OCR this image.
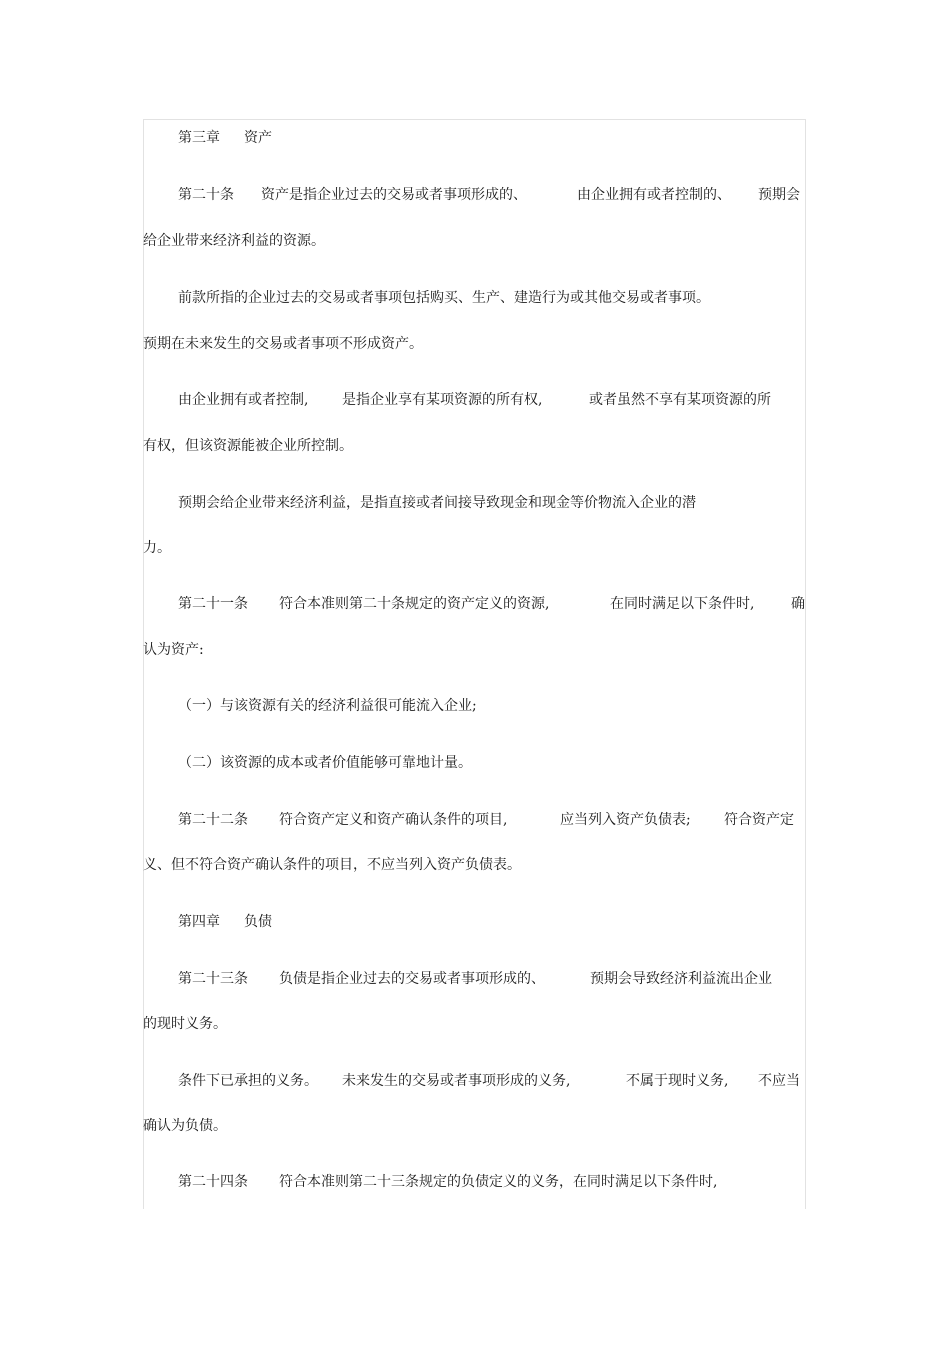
第三章 资产
第二十条 资产是指企业过去的交易或者事项形成的、	由企业拥有或者控制的、 预期会
给企业带来经济利益的资源。
前款所指的企业过去的交易或者事项包括购买、生产、建造行为或其他交易或者事项。
预期在未来发生的交易或者事项不形成资产。
由企业拥有或者控制, 是指企业享有某项资源的所有权,	或者虽然不享有某项资源的所
有权，但该资源能被企业所控制。
预期会给企业带来经济利益，是指直接或者间接导致现金和现金等价物流入企业的潜
力。
第二十一条 符合本准则第二十条规定的资产定义的资源,	在同时满足以下条件时,	确
认为资产:
（一）与该资源有关的经济利益很可能流入企业;
（二）该资源的成本或者价值能够可靠地计量。
第二十二条 符合资产定义和资产确认条件的项目,	应当列入资产负债表; 符合资产定
义、但不符合资产确认条件的项目，不应当列入资产负债表。
第四章 负债
第二十三条 负债是指企业过去的交易或者事项形成的、	预期会导致经济利益流出企业
的现时义务。
条件下已承担的义务。 未来发生的交易或者事项形成的义务,	不属于现时义务, 不应当
确认为负债。
第二十四条 符合本准则第二十三条规定的负债定义的义务，在同时满足以下条件时,
